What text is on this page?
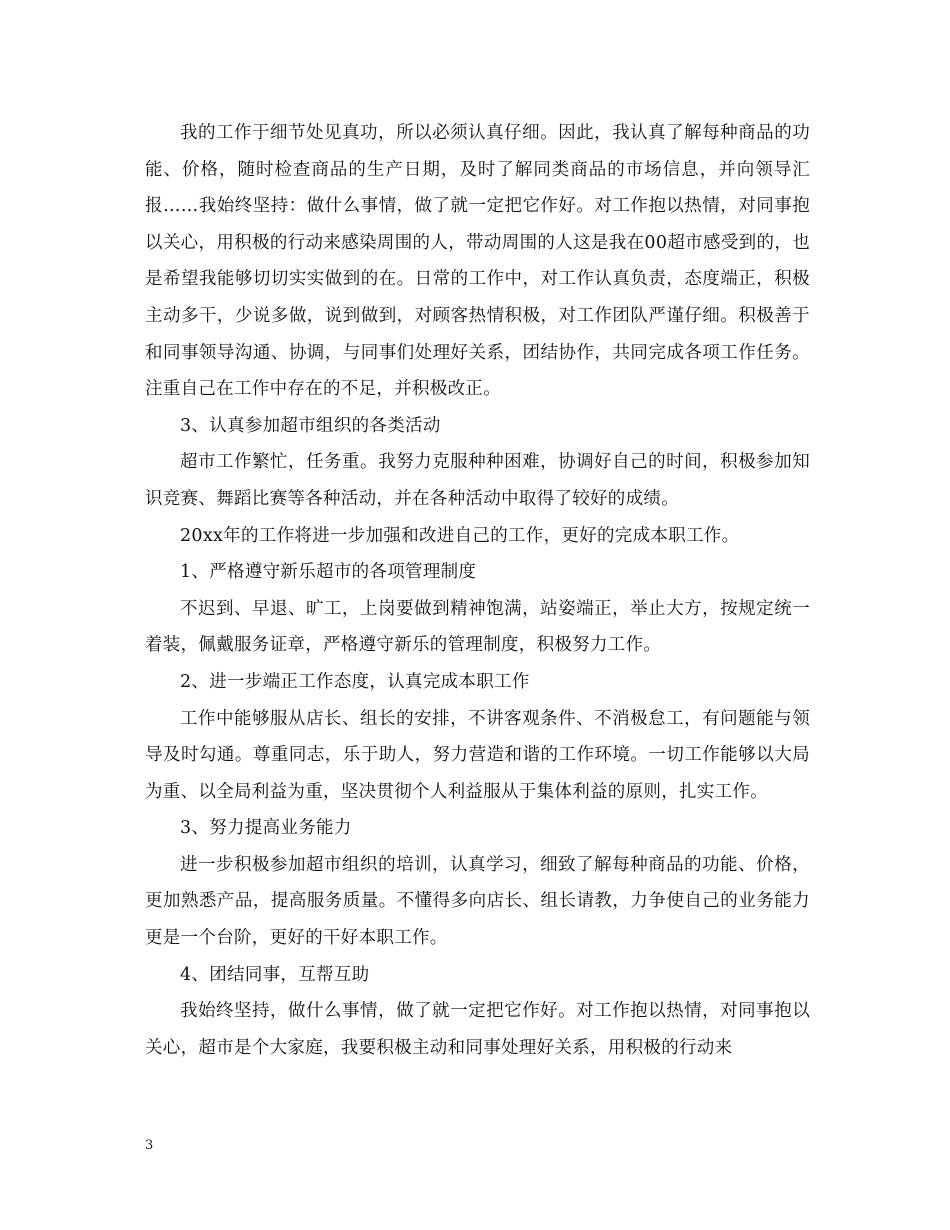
我的工作于细节处见真功，所以必须认真仔细。因此，我认真了解每种商品的功能、价格，随时检查商品的生产日期，及时了解同类商品的市场信息，并向领导汇报……我始终坚持：做什么事情，做了就一定把它作好。对工作抱以热情，对同事抱以关心，用积极的行动来感染周围的人，带动周围的人这是我在00超市感受到的，也是希望我能够切切实实做到的在。日常的工作中，对工作认真负责，态度端正，积极主动多干，少说多做，说到做到，对顾客热情积极，对工作团队严谨仔细。积极善于和同事领导沟通、协调，与同事们处理好关系，团结协作，共同完成各项工作任务。注重自己在工作中存在的不足，并积极改正。

3、认真参加超市组织的各类活动

超市工作繁忙，任务重。我努力克服种种困难，协调好自己的时间，积极参加知识竞赛、舞蹈比赛等各种活动，并在各种活动中取得了较好的成绩。

20xx年的工作将进一步加强和改进自己的工作，更好的完成本职工作。

1、严格遵守新乐超市的各项管理制度

不迟到、早退、旷工，上岗要做到精神饱满，站姿端正，举止大方，按规定统一着装，佩戴服务证章，严格遵守新乐的管理制度，积极努力工作。

2、进一步端正工作态度，认真完成本职工作

工作中能够服从店长、组长的安排，不讲客观条件、不消极怠工，有问题能与领导及时勾通。尊重同志，乐于助人，努力营造和谐的工作环境。一切工作能够以大局为重、以全局利益为重，坚决贯彻个人利益服从于集体利益的原则，扎实工作。

3、努力提高业务能力

进一步积极参加超市组织的培训，认真学习，细致了解每种商品的功能、价格，更加熟悉产品，提高服务质量。不懂得多向店长、组长请教，力争使自己的业务能力更是一个台阶，更好的干好本职工作。

4、团结同事，互帮互助

我始终坚持，做什么事情，做了就一定把它作好。对工作抱以热情，对同事抱以关心，超市是个大家庭，我要积极主动和同事处理好关系，用积极的行动来

3
